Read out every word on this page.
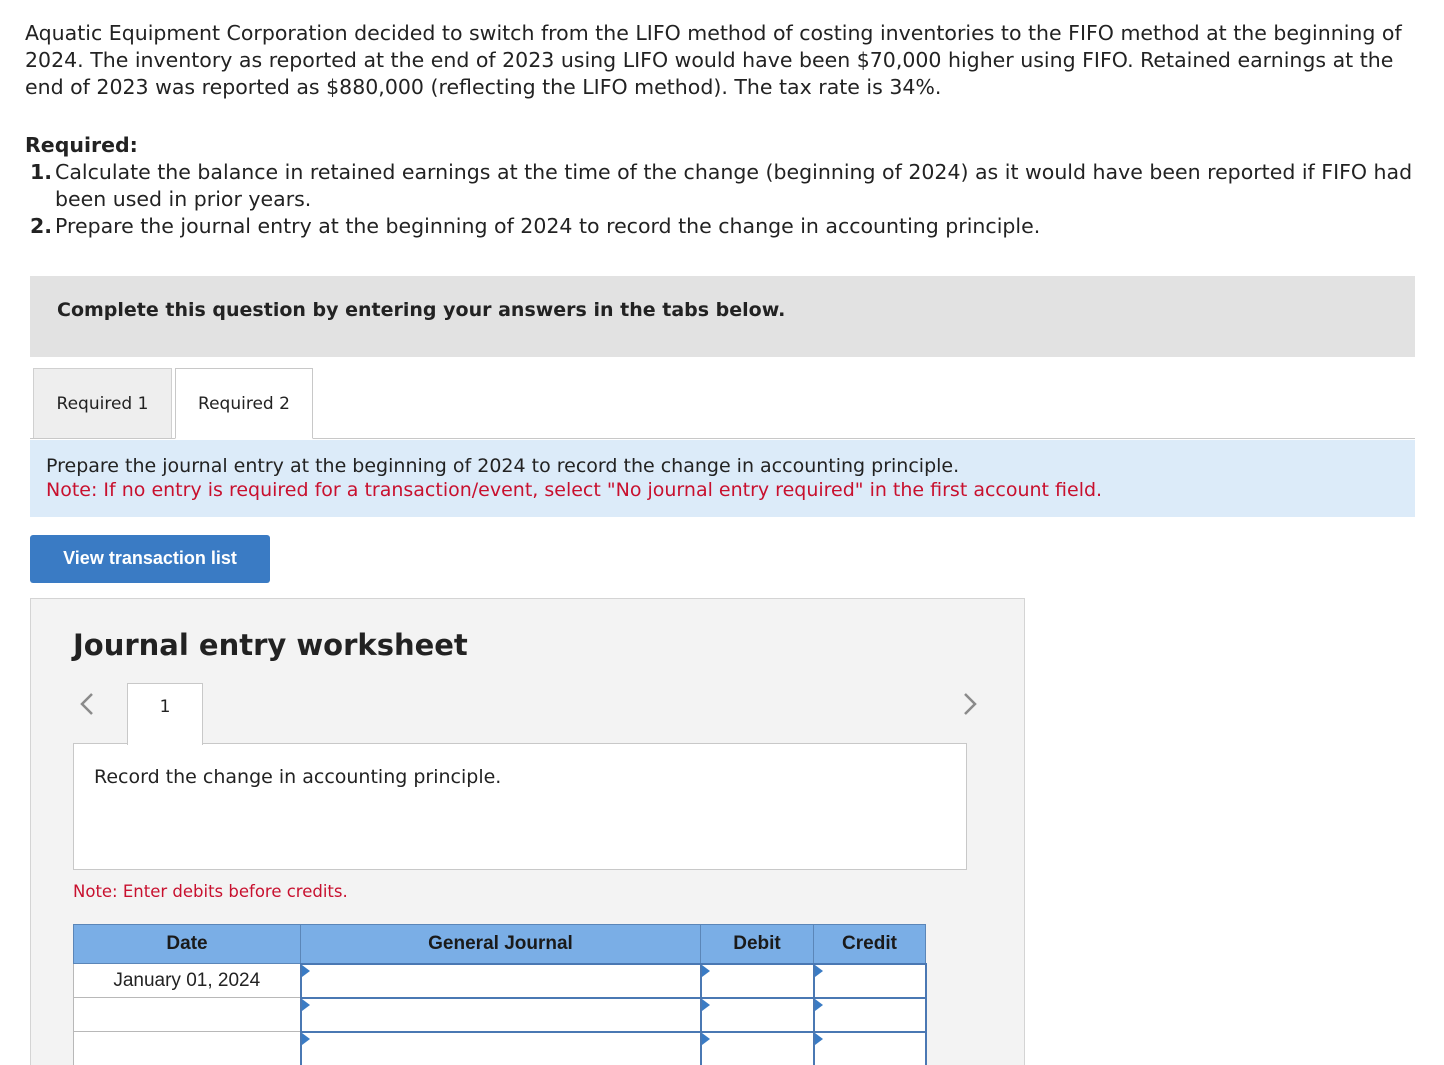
Aquatic Equipment Corporation decided to switch from the LIFO method of costing inventories to the FIFO method at the beginning of 2024. The inventory as reported at the end of 2023 using LIFO would have been $70,000 higher using FIFO. Retained earnings at the end of 2023 was reported as $880,000 (reflecting the LIFO method). The tax rate is 34%.
Required:
1. Calculate the balance in retained earnings at the time of the change (beginning of 2024) as it would have been reported if FIFO had been used in prior years.
2. Prepare the journal entry at the beginning of 2024 to record the change in accounting principle.
Complete this question by entering your answers in the tabs below.
Required 1	Required 2
Prepare the journal entry at the beginning of 2024 to record the change in accounting principle.
Note: If no entry is required for a transaction/event, select "No journal entry required" in the first account field.
View transaction list
Journal entry worksheet
1
Record the change in accounting principle.
Note: Enter debits before credits.
Date	General Journal	Debit	Credit
January 01, 2024			
